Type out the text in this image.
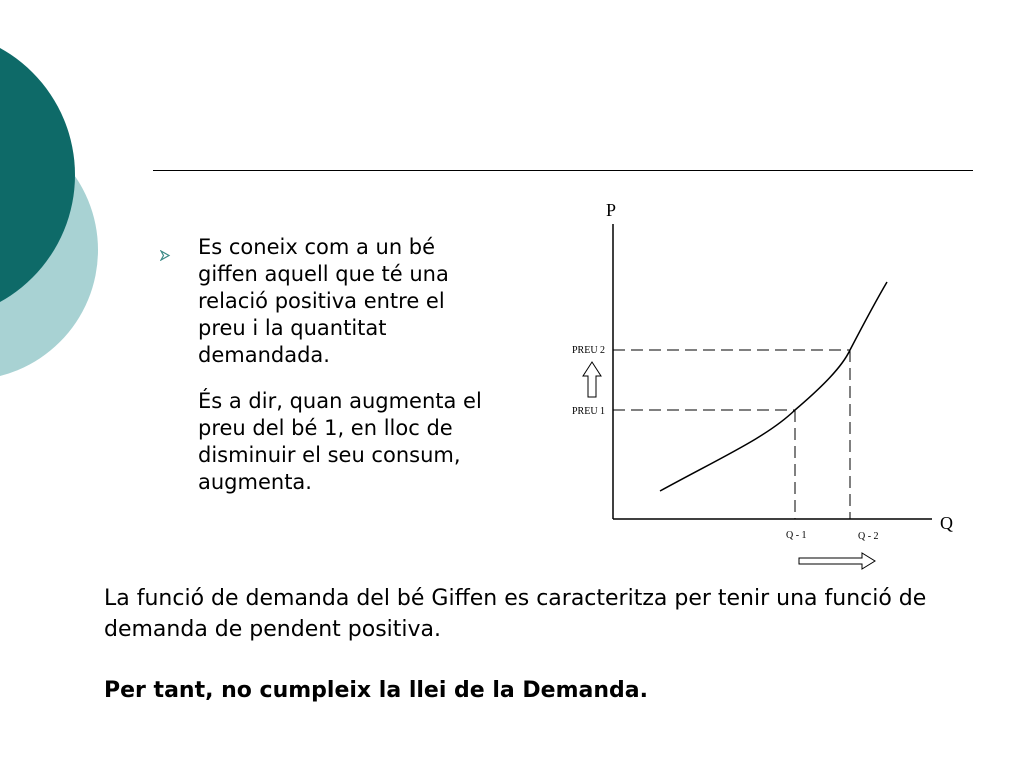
Es coneix com a un bé giffen aquell que té una relació positiva entre el preu i la quantitat demandada.
És a dir, quan augmenta el preu del bé 1, en lloc de disminuir el seu consum, augmenta.
P
Q
PREU 2
PREU 1
Q - 1	Q - 2
La funció de demanda del bé Giffen es caracteritza per tenir una funció de demanda de pendent positiva.
Per tant, no cumpleix la llei de la Demanda.
